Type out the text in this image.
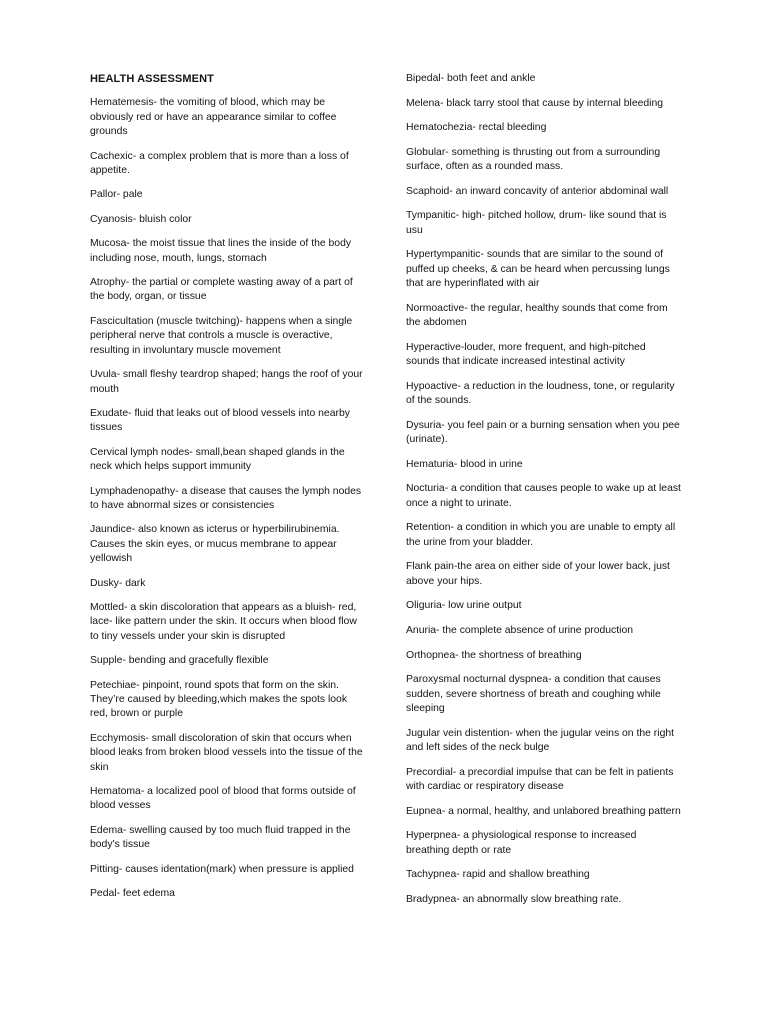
HEALTH ASSESSMENT

Hematemesis- the vomiting of blood, which may be obviously red or have an appearance similar to coffee grounds

Cachexic- a complex problem that is more than a loss of appetite.

Pallor- pale

Cyanosis- bluish color

Mucosa- the moist tissue that lines the inside of the body including nose, mouth, lungs, stomach

Atrophy- the partial or complete wasting away of a part of the body, organ, or tissue

Fascicultation (muscle twitching)- happens when a single peripheral nerve that controls a muscle is overactive, resulting in involuntary muscle movement

Uvula- small fleshy teardrop shaped; hangs the roof of your mouth

Exudate- fluid that leaks out of blood vessels into nearby tissues

Cervical lymph nodes- small,bean shaped glands in the neck which helps support immunity

Lymphadenopathy- a disease that causes the lymph nodes to have abnormal sizes or consistencies

Jaundice- also known as icterus or hyperbilirubinemia. Causes the skin eyes, or mucus membrane to appear yellowish

Dusky- dark

Mottled- a skin discoloration that appears as a bluish- red, lace- like pattern under the skin. It occurs when blood flow to tiny vessels under your skin is disrupted

Supple- bending and gracefully flexible

Petechiae- pinpoint, round spots that form on the skin. They’re caused by bleeding,which makes the spots look red, brown or purple

Ecchymosis- small discoloration of skin that occurs when blood leaks from broken blood vessels into the tissue of the skin

Hematoma- a localized pool of blood that forms outside of blood vesses

Edema- swelling caused by too much fluid trapped in the body’s tissue

Pitting- causes identation(mark) when pressure is applied

Pedal- feet edema

Bipedal- both feet and ankle

Melena- black tarry stool that cause by internal bleeding

Hematochezia- rectal bleeding

Globular- something is thrusting out from a surrounding surface, often as a rounded mass.

Scaphoid- an inward concavity of anterior abdominal wall

Tympanitic- high- pitched hollow, drum- like sound that is usu

Hypertympanitic- sounds that are similar to the sound of puffed up cheeks, & can be heard when percussing lungs that are hyperinflated with air

Normoactive- the regular, healthy sounds that come from the abdomen

Hyperactive-louder, more frequent, and high-pitched sounds that indicate increased intestinal activity

Hypoactive- a reduction in the loudness, tone, or regularity of the sounds.

Dysuria- you feel pain or a burning sensation when you pee (urinate).

Hematuria- blood in urine

Nocturia- a condition that causes people to wake up at least once a night to urinate.

Retention- a condition in which you are unable to empty all the urine from your bladder.

Flank pain-the area on either side of your lower back, just above your hips.

Oliguria- low urine output

Anuria- the complete absence of urine production

Orthopnea- the shortness of breathing

Paroxysmal nocturnal dyspnea- a condition that causes sudden, severe shortness of breath and coughing while sleeping

Jugular vein distention- when the jugular veins on the right and left sides of the neck bulge

Precordial- a precordial impulse that can be felt in patients with cardiac or respiratory disease

Eupnea- a normal, healthy, and unlabored breathing pattern

Hyperpnea- a physiological response to increased breathing depth or rate

Tachypnea- rapid and shallow breathing

Bradypnea- an abnormally slow breathing rate.
